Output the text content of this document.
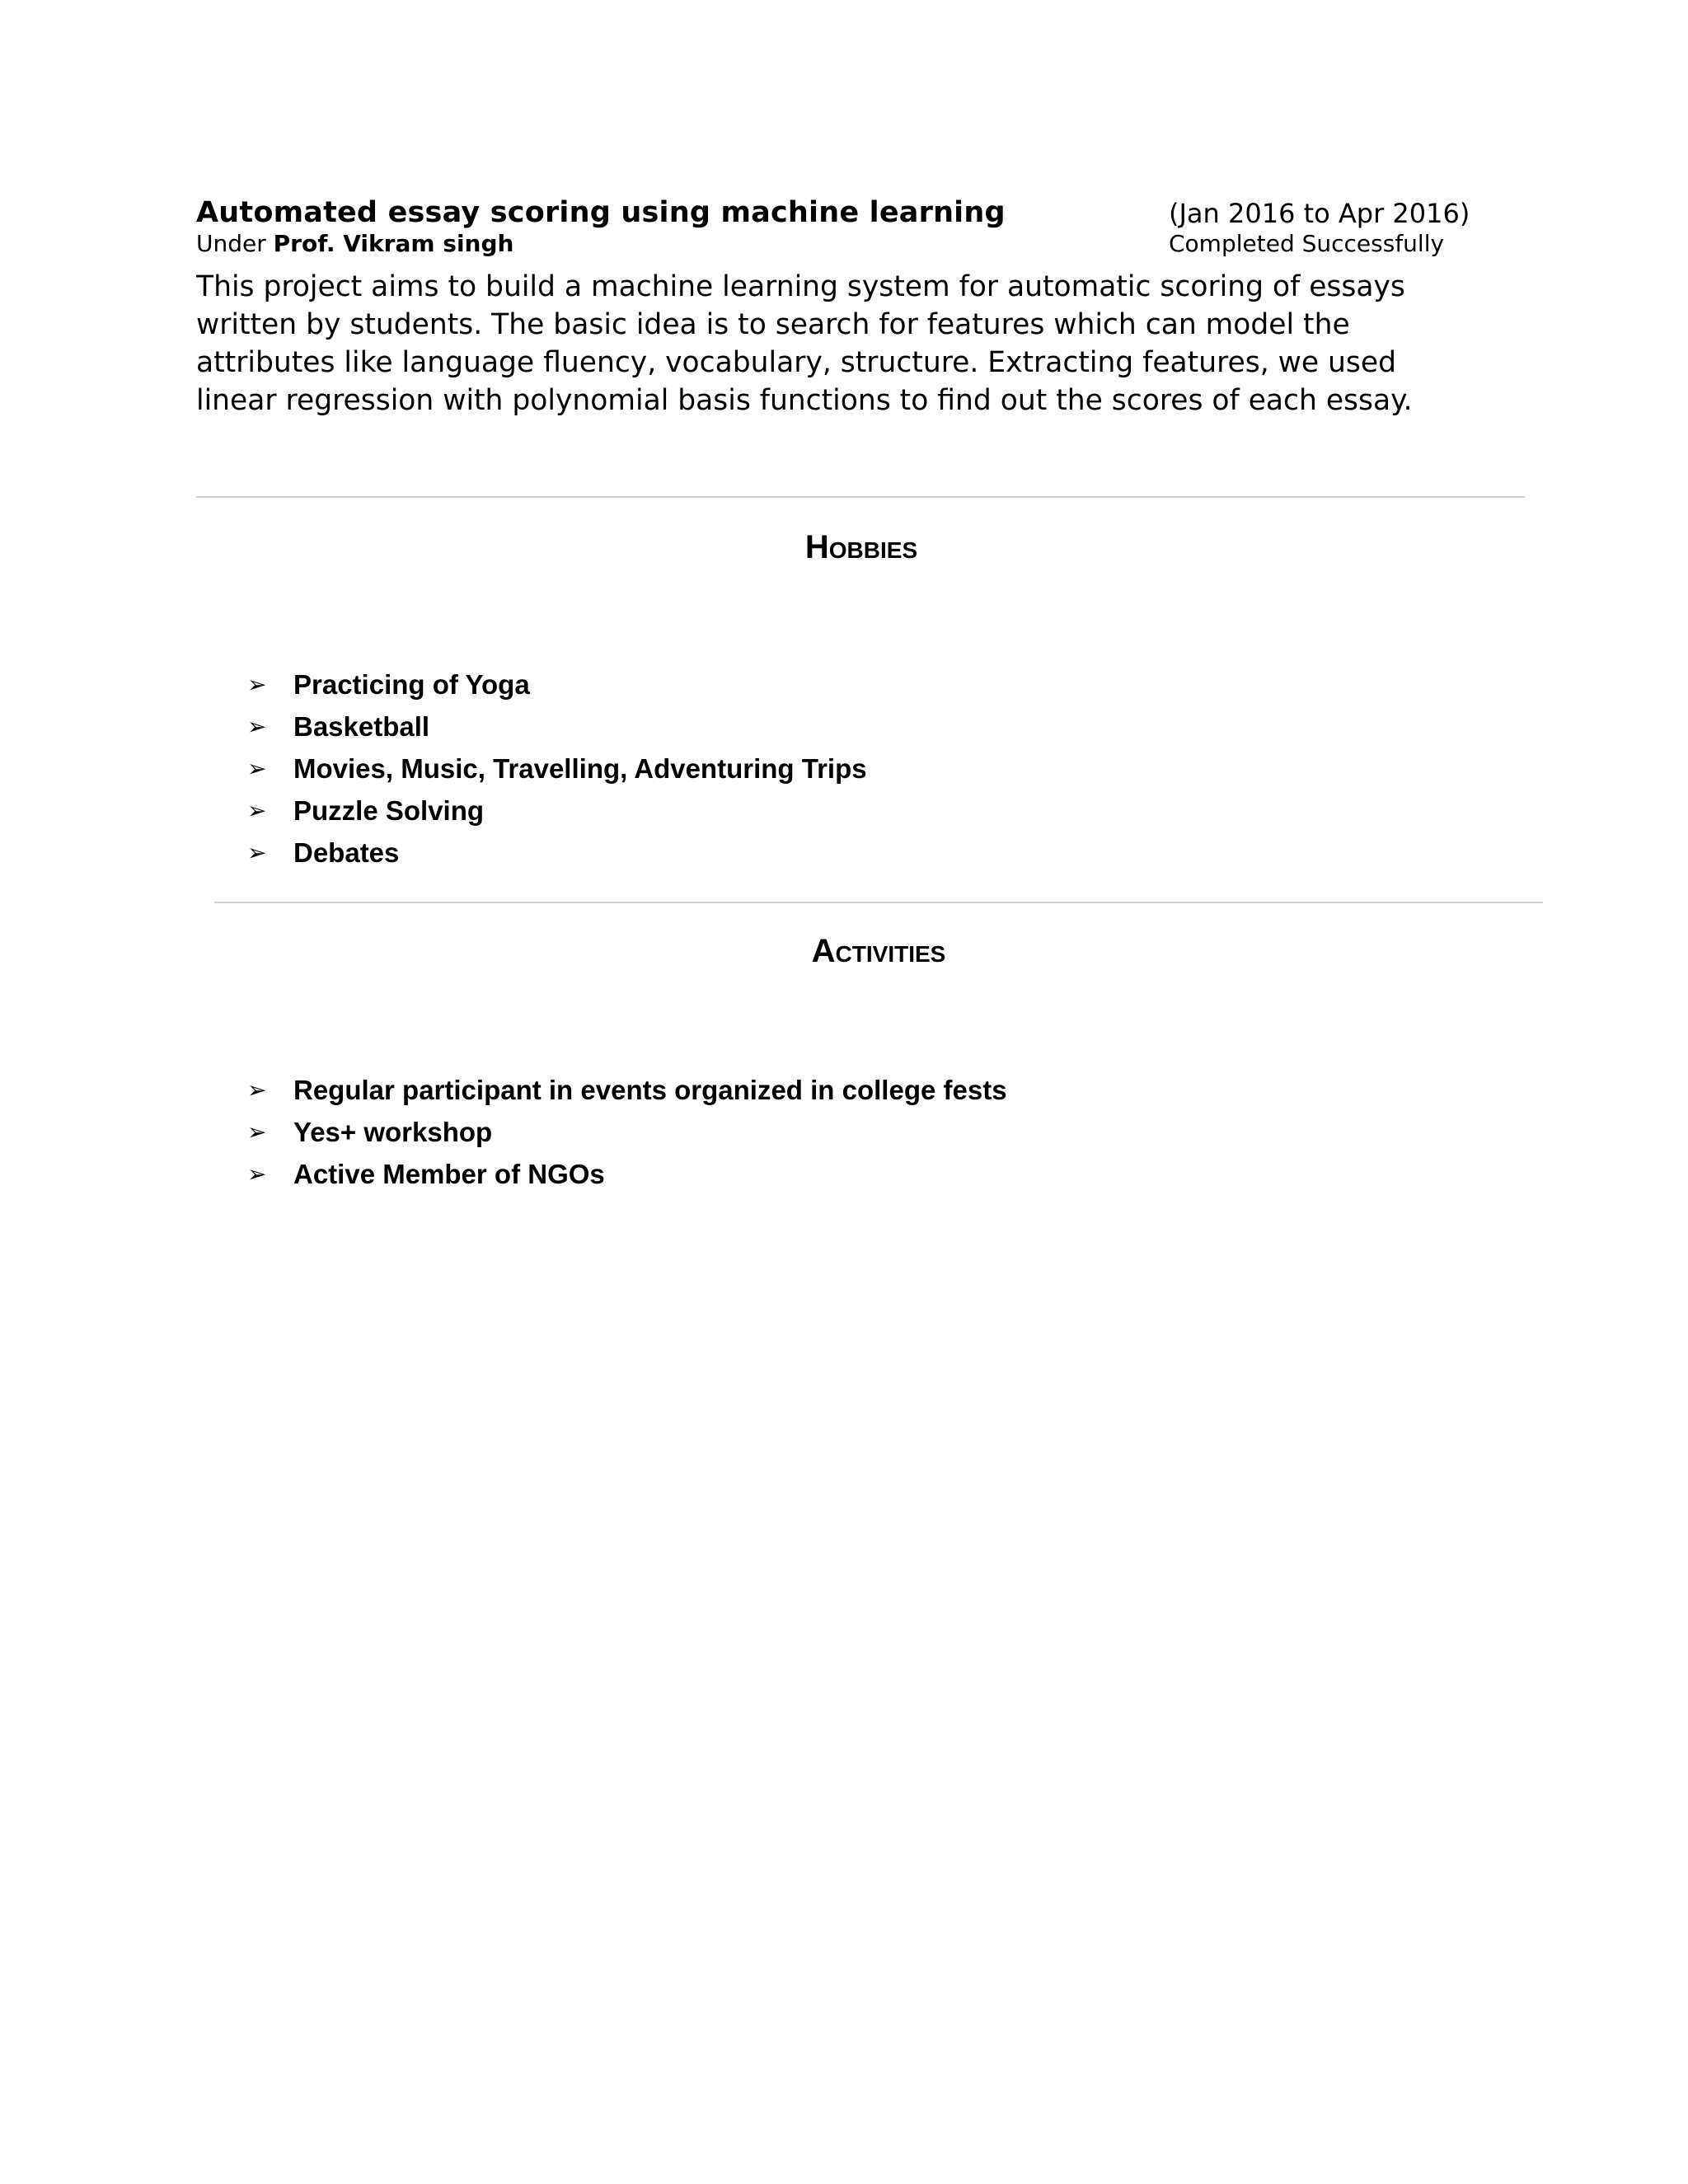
Automated essay scoring using machine learning	(Jan 2016 to Apr 2016)
Under Prof. Vikram singh	Completed Successfully

This project aims to build a machine learning system for automatic scoring of essays written by students. The basic idea is to search for features which can model the attributes like language fluency, vocabulary, structure. Extracting features, we used linear regression with polynomial basis functions to find out the scores of each essay.

Hobbies
➢ Practicing of Yoga
➢ Basketball
➢ Movies, Music, Travelling, Adventuring Trips
➢ Puzzle Solving
➢ Debates
Activities
➢ Regular participant in events organized in college fests
➢ Yes+ workshop
➢ Active Member of NGOs
